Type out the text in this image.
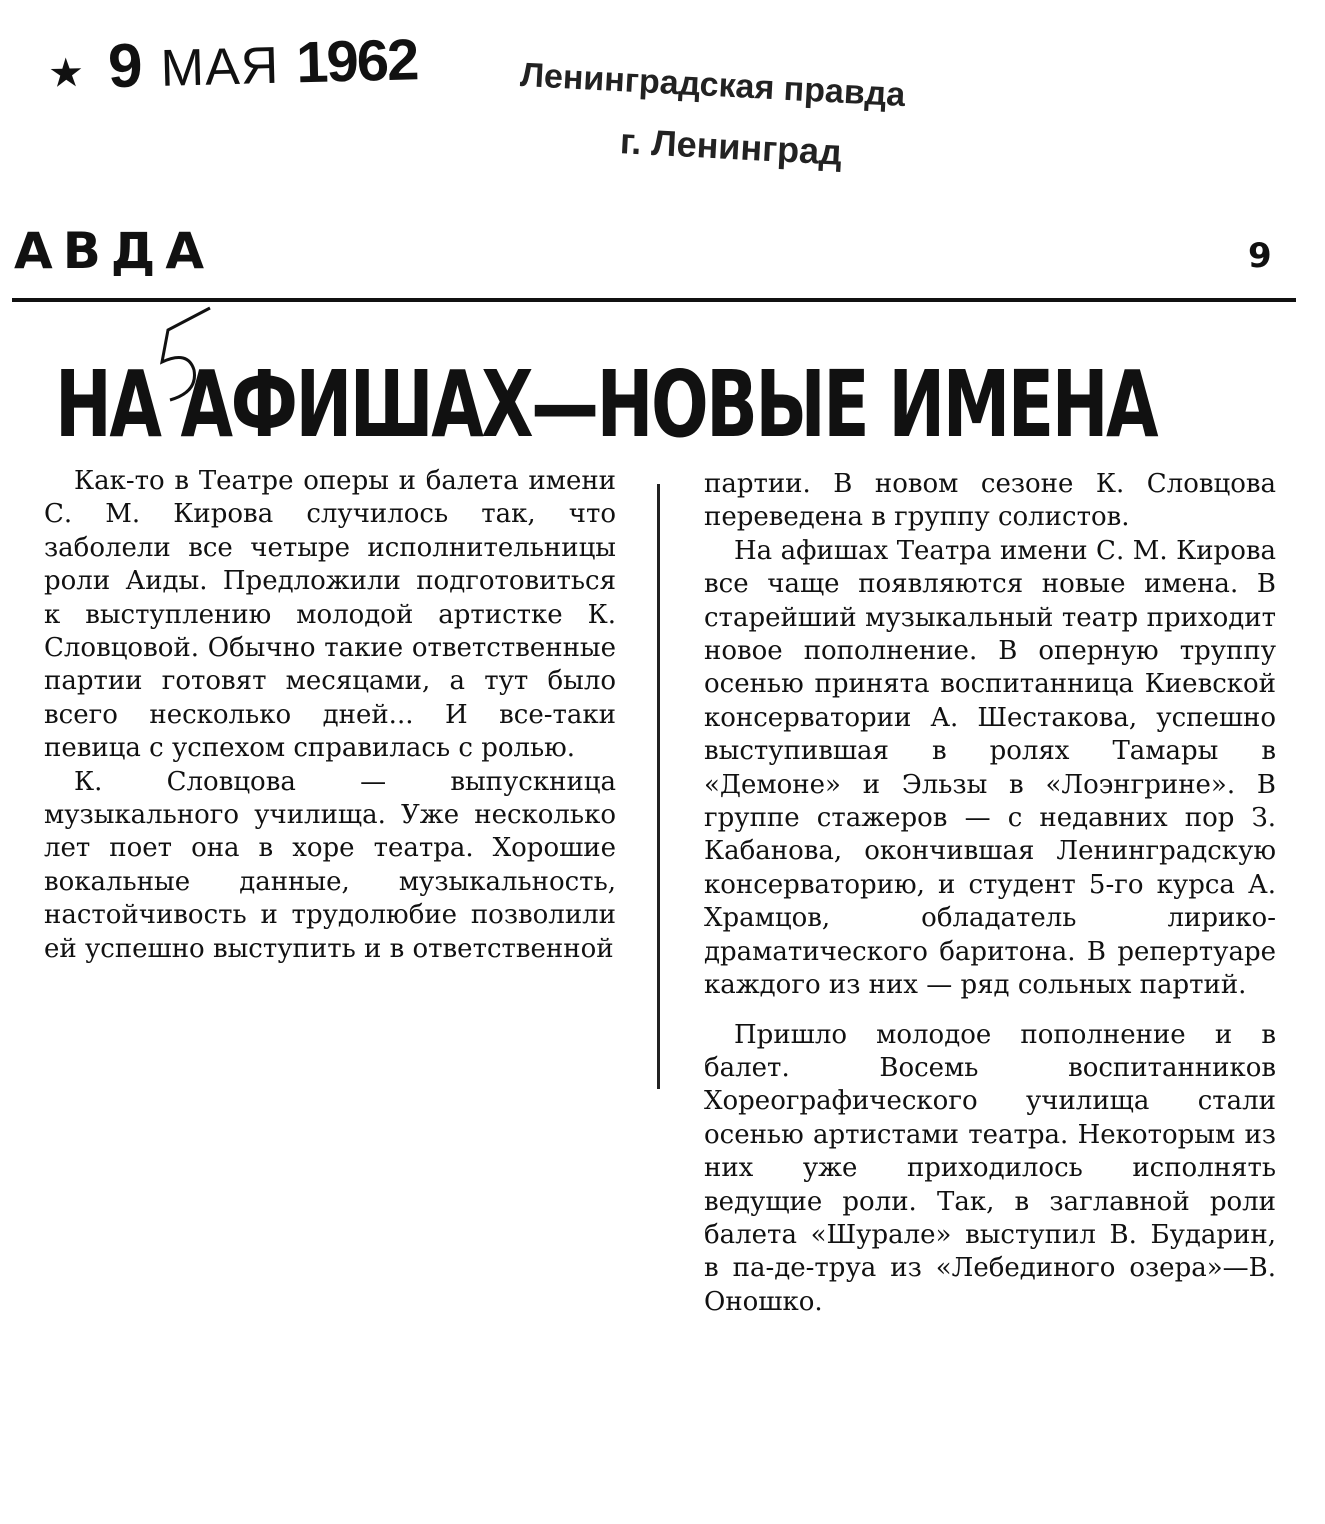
★ 9 МАЯ 1962	Ленинградская правда
г. Ленинград
АВДА	9
НА АФИШАХ—НОВЫЕ ИМЕНА

Как-то в Театре оперы и балета имени С. М. Кирова случилось так, что заболели все четыре исполнительницы роли Аиды. Предложили подготовиться к выступлению молодой артистке К. Словцовой. Обычно такие ответственные партии готовят месяцами, а тут было всего несколько дней... И все-таки певица с успехом справилась с ролью.

К. Словцова — выпускница музыкального училища. Уже несколько лет поет она в хоре театра. Хорошие вокальные данные, музыкальность, настойчивость и трудолюбие позволили ей успешно выступить и в ответственной

партии. В новом сезоне К. Словцова переведена в группу солистов.

На афишах Театра имени С. М. Кирова все чаще появляются новые имена. В старейший музыкальный театр приходит новое пополнение. В оперную труппу осенью принята воспитанница Киевской консерватории А. Шестакова, успешно выступившая в ролях Тамары в «Демоне» и Эльзы в «Лоэнгрине». В группе стажеров — с недавних пор З. Кабанова, окончившая Ленинградскую консерваторию, и студент 5-го курса А. Храмцов, обладатель лирико-драматического баритона. В репертуаре каждого из них — ряд сольных партий.

Пришло молодое пополнение и в балет. Восемь воспитанников Хореографического училища стали осенью артистами театра. Некоторым из них уже приходилось исполнять ведущие роли. Так, в заглавной роли балета «Шурале» выступил В. Бударин, в па-де-труа из «Лебединого озера»—В. Оношко.
